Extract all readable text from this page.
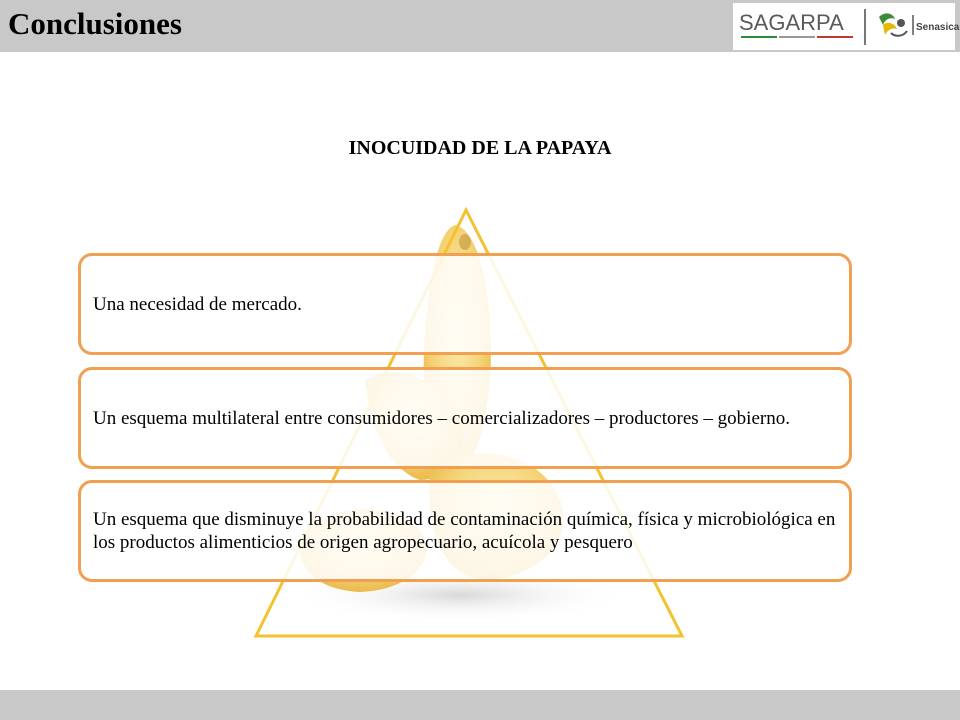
Conclusiones	SAGARPA	Senasica
INOCUIDAD DE LA PAPAYA
Una necesidad de mercado.
Un esquema multilateral entre consumidores – comercializadores – productores – gobierno.
Un esquema que disminuye la probabilidad de contaminación química, física y microbiológica en los productos alimenticios de origen agropecuario, acuícola y pesquero
